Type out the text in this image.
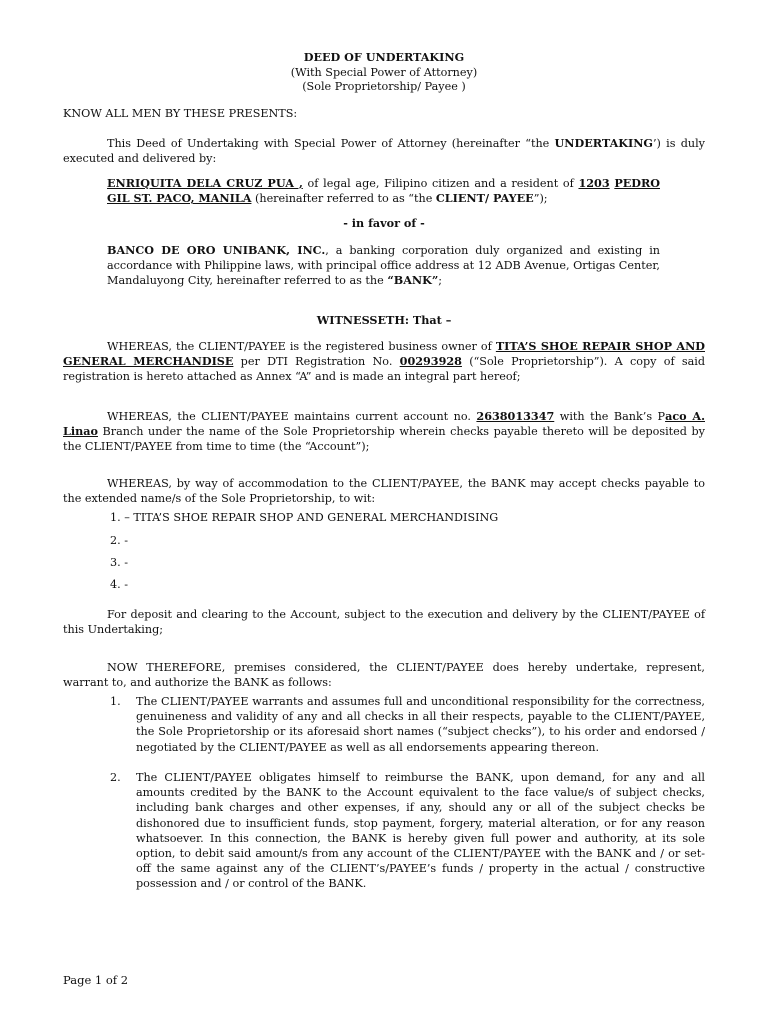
DEED OF UNDERTAKING
(With Special Power of Attorney)
(Sole Proprietorship/ Payee )
KNOW ALL MEN BY THESE PRESENTS:
This Deed of Undertaking with Special Power of Attorney (hereinafter “the UNDERTAKING’) is duly executed and delivered by:
ENRIQUITA DELA CRUZ PUA , of legal age, Filipino citizen and a resident of 1203 PEDRO GIL ST. PACO, MANILA (hereinafter referred to as “the CLIENT/ PAYEE”);
- in favor of -
BANCO DE ORO UNIBANK, INC., a banking corporation duly organized and existing in accordance with Philippine laws, with principal office address at 12 ADB Avenue, Ortigas Center, Mandaluyong City, hereinafter referred to as the “BANK”;
WITNESSETH: That –
WHEREAS, the CLIENT/PAYEE is the registered business owner of TITA’S SHOE REPAIR SHOP AND GENERAL MERCHANDISE per DTI Registration No. 00293928 (“Sole Proprietorship”). A copy of said registration is hereto attached as Annex “A” and is made an integral part hereof;
WHEREAS, the CLIENT/PAYEE maintains current account no. 2638013347 with the Bank’s Paco A. Linao Branch under the name of the Sole Proprietorship wherein checks payable thereto will be deposited by the CLIENT/PAYEE from time to time (the “Account”);
WHEREAS, by way of accommodation to the CLIENT/PAYEE, the BANK may accept checks payable to the extended name/s of the Sole Proprietorship, to wit:
1. – TITA’S SHOE REPAIR SHOP AND GENERAL MERCHANDISING
2. -
3. -
4. -
For deposit and clearing to the Account, subject to the execution and delivery by the CLIENT/PAYEE of this Undertaking;
NOW THEREFORE, premises considered, the CLIENT/PAYEE does hereby undertake, represent, warrant to, and authorize the BANK as follows:
1. The CLIENT/PAYEE warrants and assumes full and unconditional responsibility for the correctness, genuineness and validity of any and all checks in all their respects, payable to the CLIENT/PAYEE, the Sole Proprietorship or its aforesaid short names (“subject checks”), to his order and endorsed / negotiated by the CLIENT/PAYEE as well as all endorsements appearing thereon.
2. The CLIENT/PAYEE obligates himself to reimburse the BANK, upon demand, for any and all amounts credited by the BANK to the Account equivalent to the face value/s of subject checks, including bank charges and other expenses, if any, should any or all of the subject checks be dishonored due to insufficient funds, stop payment, forgery, material alteration, or for any reason whatsoever. In this connection, the BANK is hereby given full power and authority, at its sole option, to debit said amount/s from any account of the CLIENT/PAYEE with the BANK and / or set-off the same against any of the CLIENT’s/PAYEE’s funds / property in the actual / constructive possession and / or control of the BANK.
Page 1 of 2
